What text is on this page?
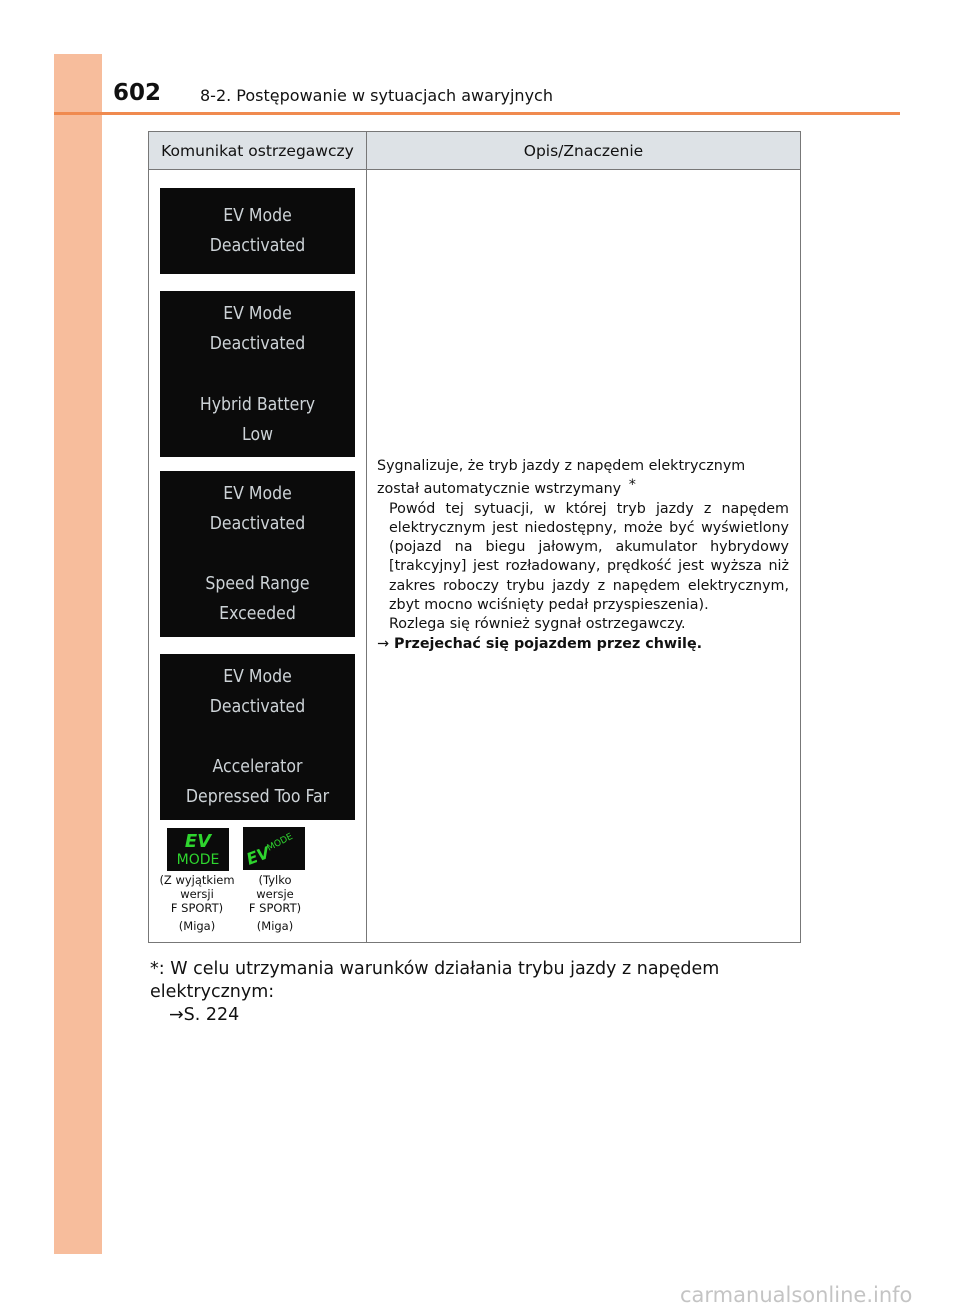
602 8-2. Postępowanie w sytuacjach awaryjnych
Komunikat ostrzegawczy	Opis/Znaczenie
EV Mode
Deactivated
EV Mode
Deactivated
Hybrid Battery
Low
EV Mode
Deactivated
Speed Range
Exceeded
EV Mode
Deactivated
Accelerator
Depressed Too Far
EV
MODE EV
MODE
(Z wyjątkiem
wersji
F SPORT)
(Miga)
(Tylko
wersje
F SPORT)
(Miga)
Sygnalizuje, że tryb jazdy z napędem elektrycznym został automatycznie wstrzymany *
Powód tej sytuacji, w której tryb jazdy z napędem elektrycznym jest niedostępny, może być wyświetlony (pojazd na biegu jałowym, akumulator hybrydowy [trakcyjny] jest rozładowany, prędkość jest wyższa niż zakres roboczy trybu jazdy z napędem elektrycznym, zbyt mocno wciśnięty pedał przyspieszenia).
Rozlega się również sygnał ostrzegawczy.
→ Przejechać się pojazdem przez chwilę.
*: W celu utrzymania warunków działania trybu jazdy z napędem elektrycznym:
→S. 224
carmanualsonline.info
